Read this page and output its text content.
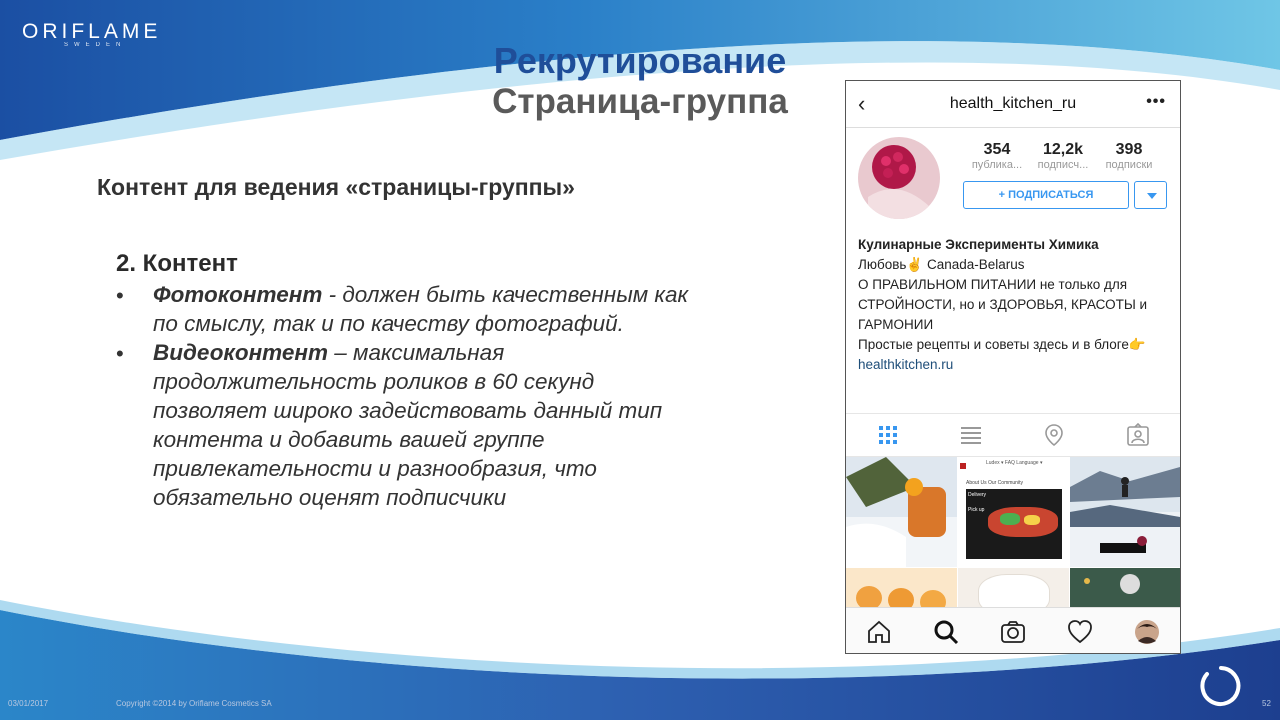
ORIFLAME
SWEDEN	Рекрутирование
Страница-группа
Контент для ведения «страницы-группы»
2. Контент
• Фотоконтент - должен быть качественным как по смыслу, так и по качеству фотографий.
• Видеоконтент – максимальная продолжительность роликов в 60 секунд позволяет широко задействовать данный тип контента и добавить вашей группе привлекательности и разнообразия, что обязательно оценят подписчики
‹	health_kitchen_ru	•••
354
публика...
12,2k
подписч...
398
подписки
+ ПОДПИСАТЬСЯ
Кулинарные Эксперименты Химика
Любовь✌️ Canada-Belarus
О ПРАВИЛЬНОМ ПИТАНИИ не только для СТРОЙНОСТИ, но и ЗДОРОВЬЯ, КРАСОТЫ и ГАРМОНИИ
Простые рецепты и советы здесь и в блоге👉
healthkitchen.ru
Ludex ▾ FAQ Language ▾
About Us Our Community
Delivery
Pick up
03/01/2017	Copyright ©2014 by Oriflame Cosmetics SA	52
